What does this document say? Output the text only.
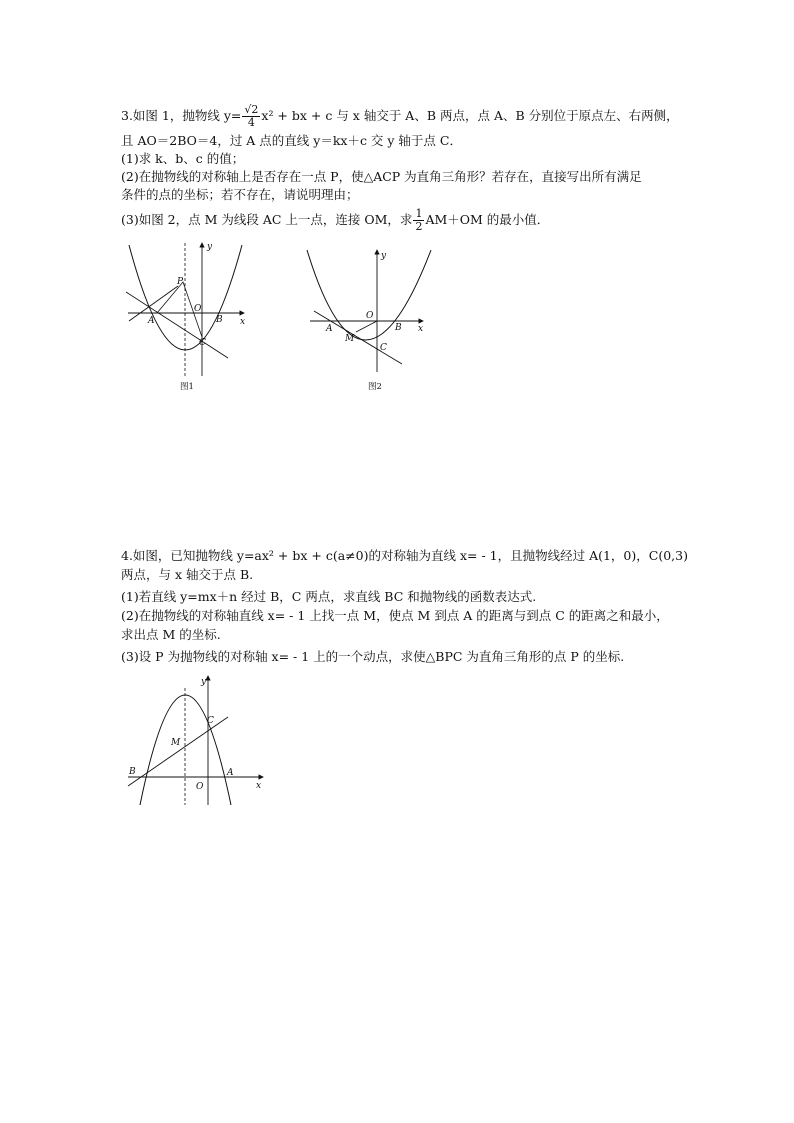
3.如图 1，抛物线 $y= \frac{√2}{4} x^2$ + bx + c 与 x 轴交于 A、B 两点，点 A、B 分别位于原点左、右两侧，
且 AO＝2BO＝4，过 A 点的直线 y＝kx＋c 交 y 轴于点 C．
(1)求 k、b、c 的值；
(2)在抛物线的对称轴上是否存在一点 P，使△ACP 为直角三角形？若存在，直接写出所有满足
条件的点的坐标；若不存在，请说明理由；
(3)如图 2，点 M 为线段 AC 上一点，连接 OM，求 $\frac{1}{2} AM+OM$ 的最小值．
y
x
A	B
O
C
P
图1
y
x
A	B
O
C
M
图2
4.如图，已知抛物线 y=ax² + bx + c(a≠0)的对称轴为直线 x= - 1，且抛物线经过 A(1，0)，C(0,3)
两点，与 x 轴交于点 B.
(1)若直线 y=mx＋n 经过 B，C 两点，求直线 BC 和抛物线的函数表达式.
(2)在抛物线的对称轴直线 x= - 1 上找一点 M，使点 M 到点 A 的距离与到点 C 的距离之和最小，
求出点 M 的坐标.
(3)设 P 为抛物线的对称轴 x= - 1 上的一个动点，求使△BPC 为直角三角形的点 P 的坐标.
y
x
B	A
O
C
M
